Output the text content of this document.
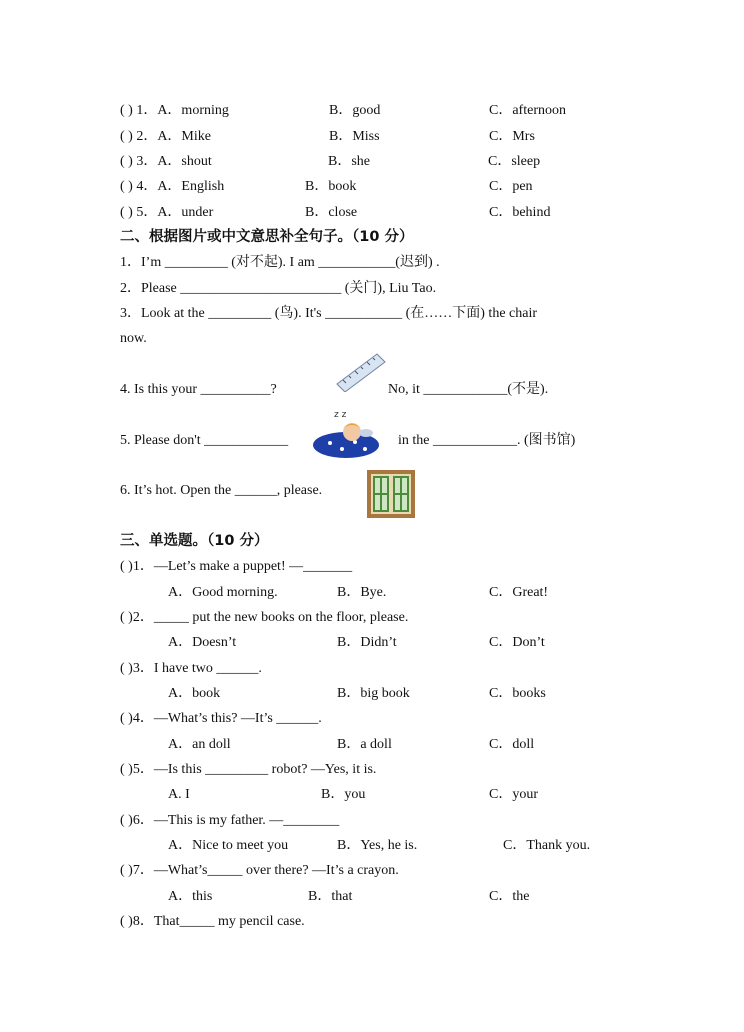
( ) 1．A．morning	B．good	C．afternoon
( ) 2．A．Mike	B．Miss	C．Mrs
( ) 3．A．shout	B．she	C．sleep
( ) 4．A．English	B．book	C．pen
( ) 5．A．under	B．close	C．behind
二、根据图片或中文意思补全句子。（10 分）
1．I’m _________ (对不起). I am ___________(迟到) .
2．Please _______________________ (关门), Liu Tao.
3．Look at the _________ (鸟). It's ___________ (在……下面) the chair
now.
4. Is this your __________?	No, it ____________(不是).
5. Please don't ____________
z z
in the ____________. (图书馆)
6. It’s hot. Open the ______, please.
三、单选题。（10 分）
( )1．—Let’s make a puppet! —_______
A．Good morning.	B．Bye.	C．Great!
( )2．_____ put the new books on the floor, please.
A．Doesn’t	B．Didn’t	C．Don’t
( )3．I have two ______.
A．book	B．big book	C．books
( )4．—What’s this? —It’s ______.
A．an doll	B．a doll	C．doll
( )5．—Is this _________ robot? —Yes, it is.
A. I	B．you	C．your
( )6．—This is my father. —________
A．Nice to meet you	B．Yes, he is.	C．Thank you.
( )7．—What’s_____ over there? —It’s a crayon.
A．this	B．that	C．the
( )8．That_____ my pencil case.
